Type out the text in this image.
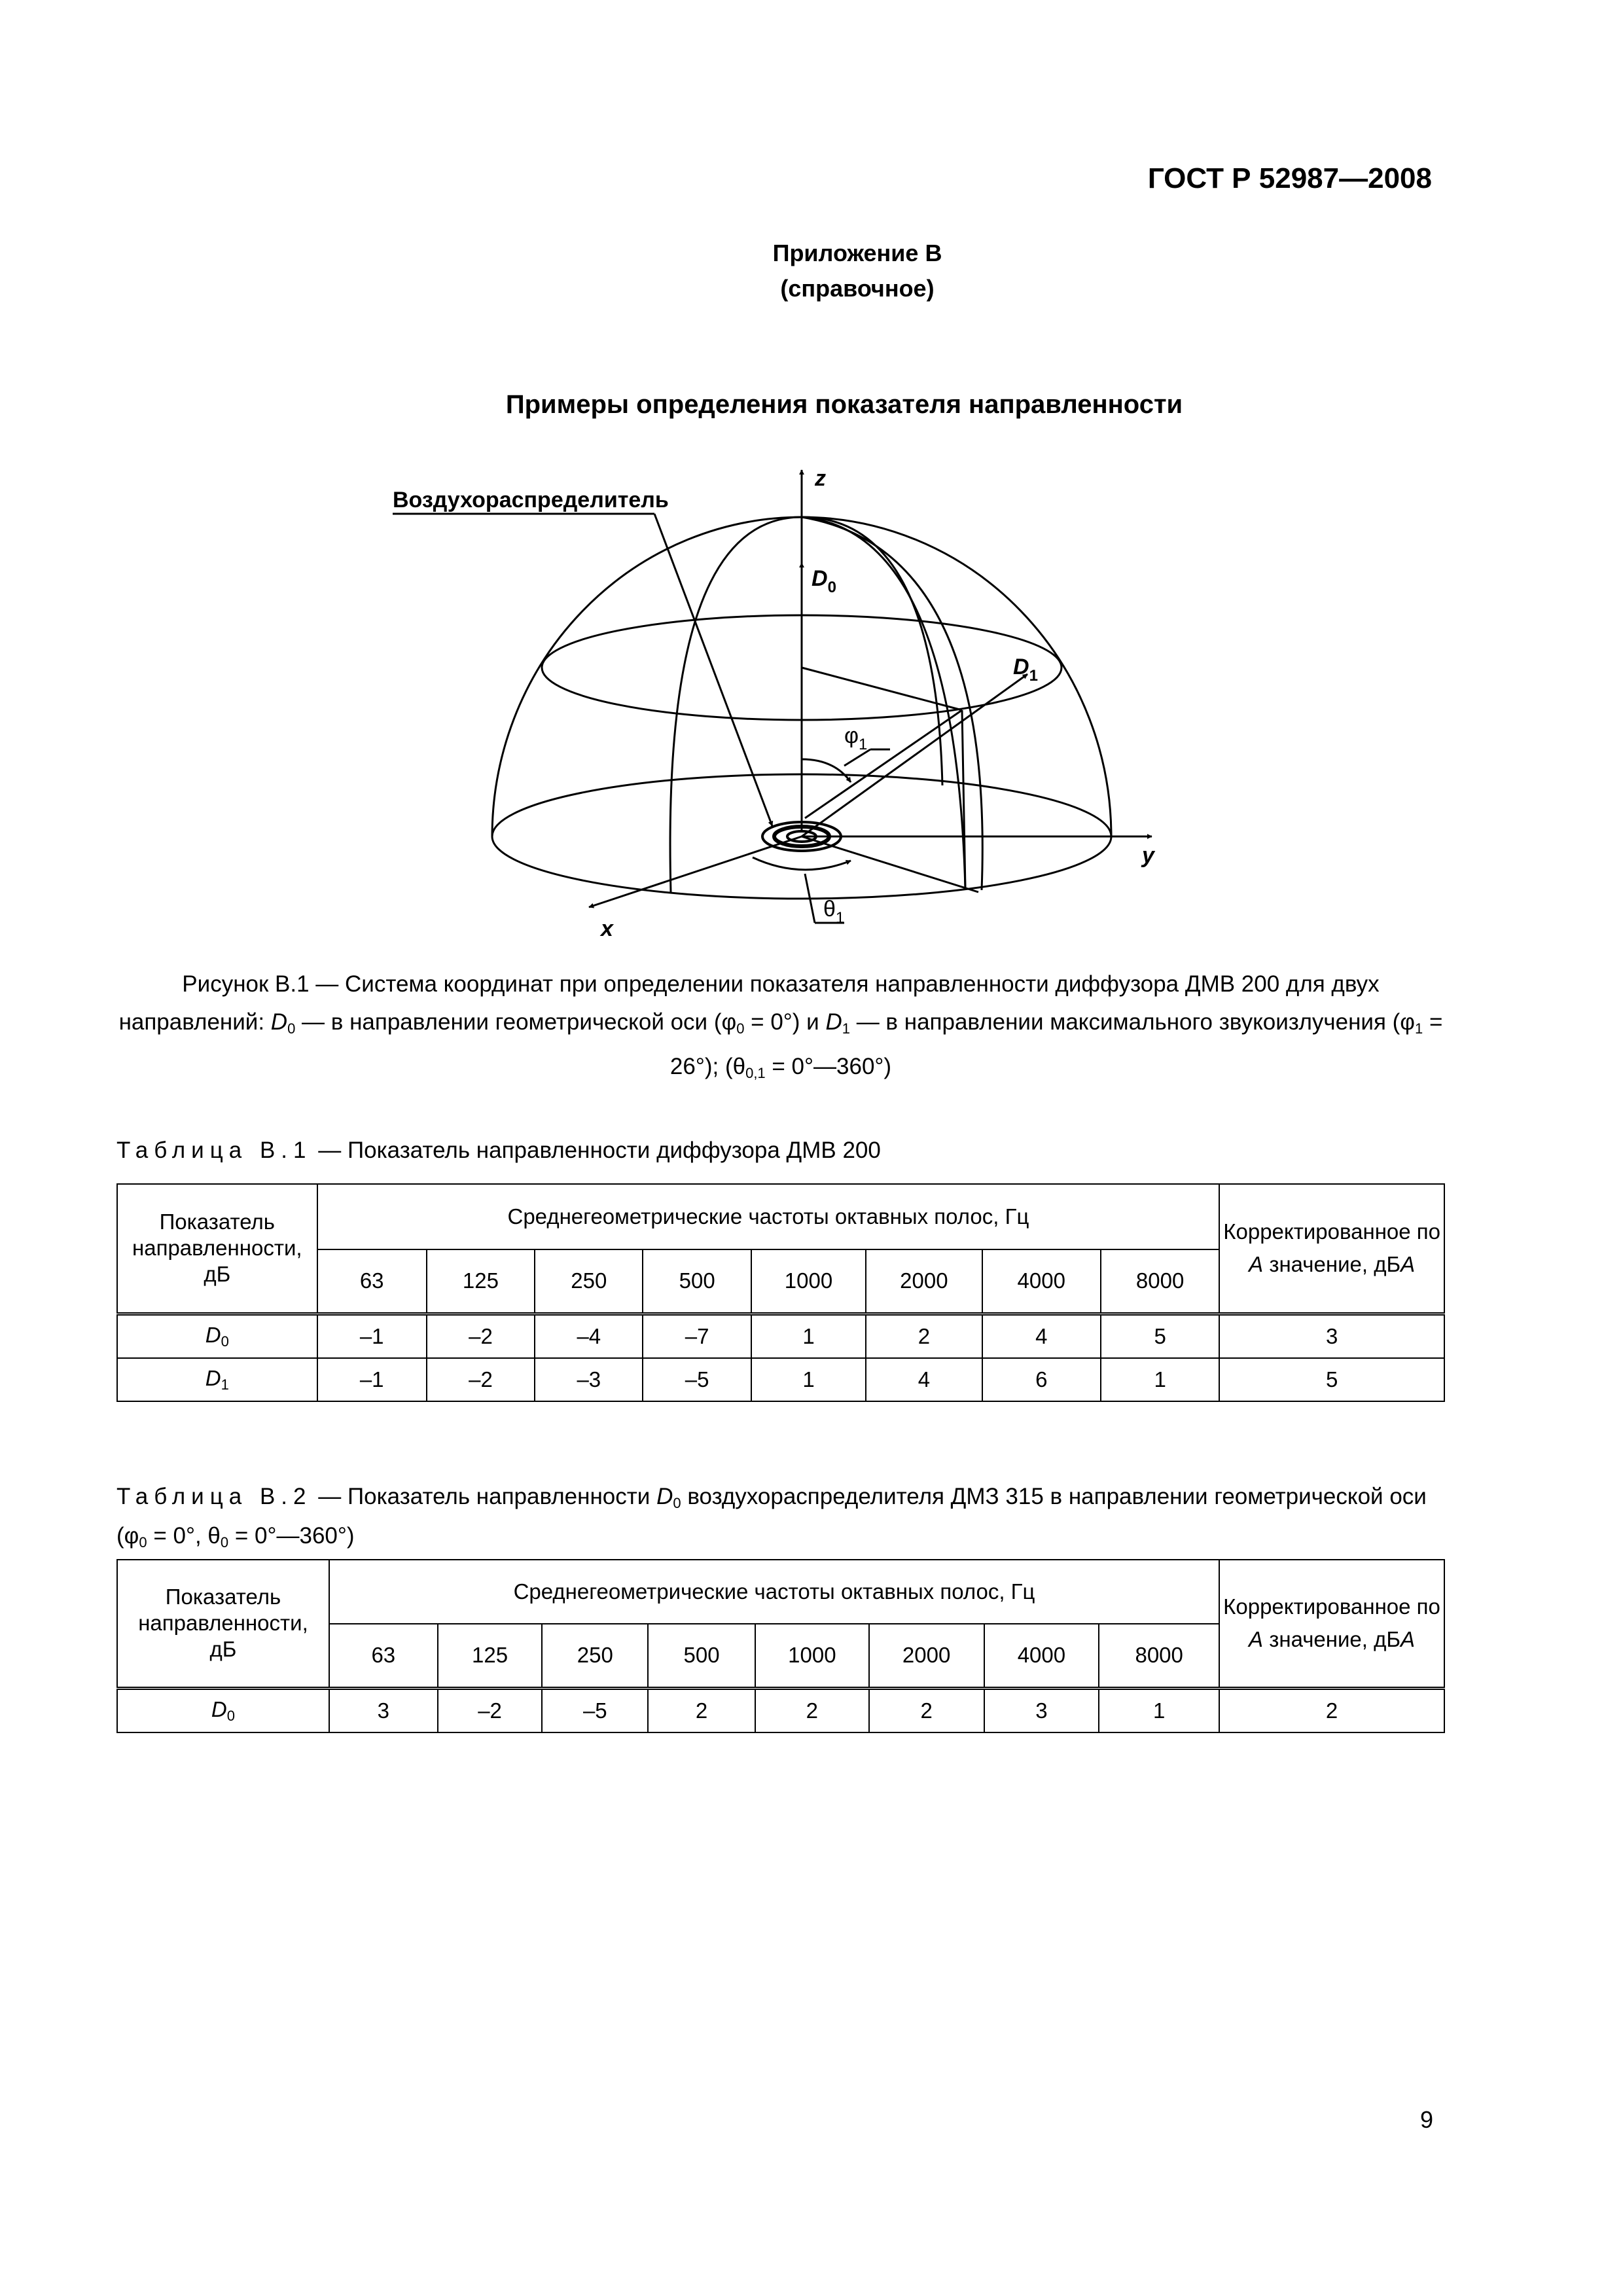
ГОСТ Р 52987—2008
Приложение В
(справочное)
Примеры определения показателя направленности
Воздухораспределитель
z
y
x
$D_0$
$D_1$
$\varphi_1$
$\theta_1$
Рисунок В.1 — Система координат при определении показателя направленности диффузора ДМВ 200 для двух направлений: $D_0$ — в направлении геометрической оси $(\varphi_0 = 0^\circ)$ и $D_1$ — в направлении максимального звукоизлучения $(\varphi_1 = 26^\circ)$; ($\theta_{0,1}$ = 0°—360°)
Таблица В.1 — Показатель направленности диффузора ДМВ 200
Показатель направленности, дБ	Среднегеометрические частоты октавных полос, Гц								Корректированное по А значение, дБА
	63	125	250	500	1000	2000	4000	8000	
$D_0$	–1	–2	–4	–7	1	2	4	5	3
$D_1$	–1	–2	–3	–5	1	4	6	1	5
Таблица В.2 — Показатель направленности $D_0$ воздухораспределителя ДМЗ 315 в направлении геометрической оси ($\varphi_0 = 0^\circ$, $\theta_0$ = 0°—360°)
Показатель направленности, дБ	Среднегеометрические частоты октавных полос, Гц								Корректированное по А значение, дБА
	63	125	250	500	1000	2000	4000	8000	
$D_0$	3	–2	–5	2	2	2	3	1	2
9
